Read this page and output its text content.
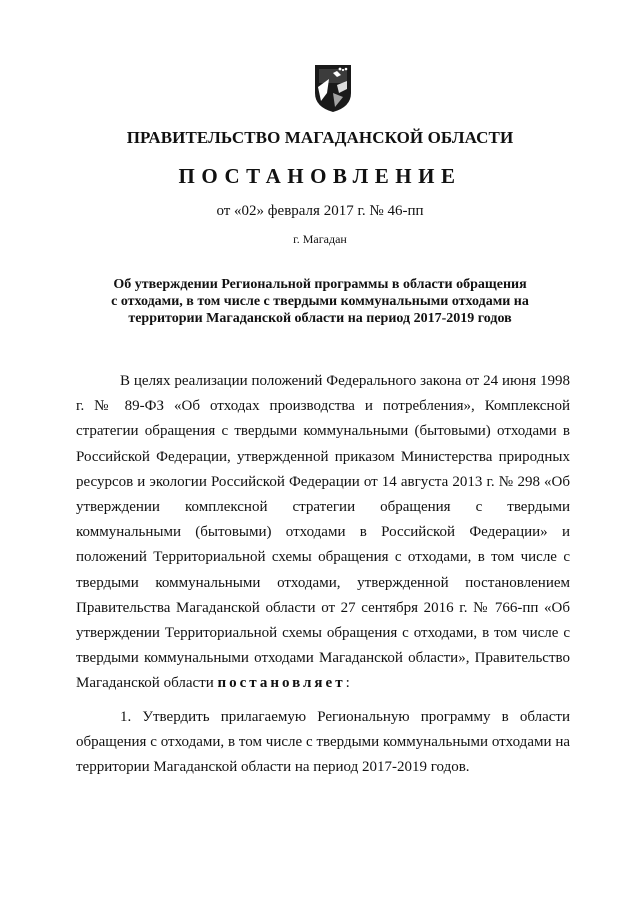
ПРАВИТЕЛЬСТВО МАГАДАНСКОЙ ОБЛАСТИ
ПОСТАНОВЛЕНИЕ
от «02» февраля 2017 г. № 46-пп
г. Магадан
Об утверждении Региональной программы в области обращения
с отходами, в том числе с твердыми коммунальными отходами на
территории Магаданской области на период 2017-2019 годов

В целях реализации положений Федерального закона от 24 июня 1998 г. № 89-ФЗ «Об отходах производства и потребления», Комплексной стратегии обращения с твердыми коммунальными (бытовыми) отходами в Российской Федерации, утвержденной приказом Министерства природных ресурсов и экологии Российской Федерации от 14 августа 2013 г. № 298 «Об утверждении комплексной стратегии обращения с твердыми коммунальными (бытовыми) отходами в Российской Федерации» и положений Территориальной схемы обращения с отходами, в том числе с твердыми коммунальными отходами, утвержденной постановлением Правительства Магаданской области от 27 сентября 2016 г. № 766-пп «Об утверждении Территориальной схемы обращения с отходами, в том числе с твердыми коммунальными отходами Магаданской области», Правительство Магаданской области постановляет:

1. Утвердить прилагаемую Региональную программу в области обращения с отходами, в том числе с твердыми коммунальными отходами на территории Магаданской области на период 2017-2019 годов.
